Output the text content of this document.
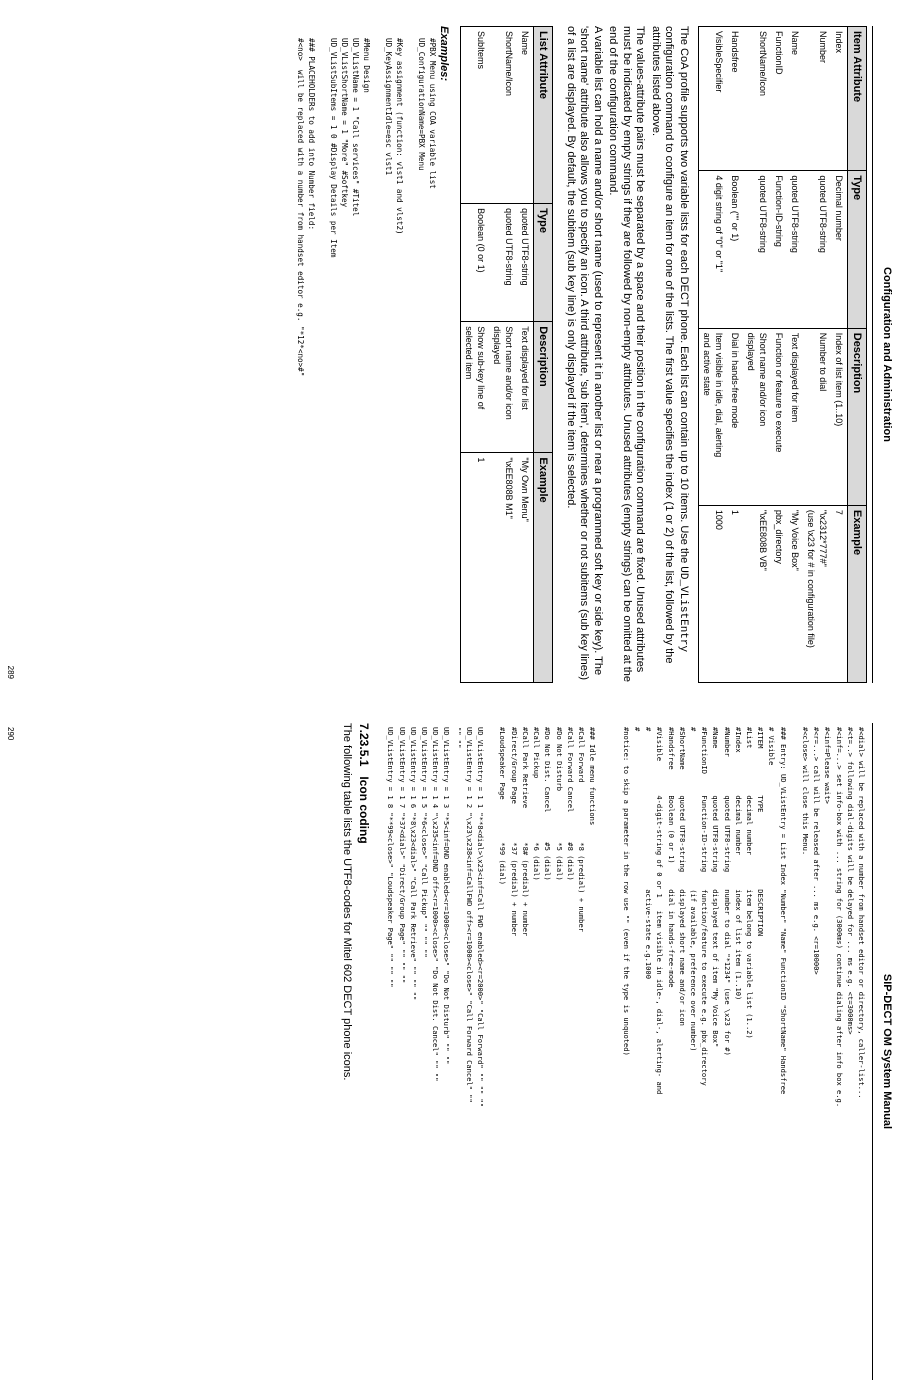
Configuration and Administration
Item Attribute	Type	Description	Example
Index	Decimal number	Index of list item (1..10)	7
Number	quoted UTF8-string	Number to dial	"\x2312*777#"
(use \x23 for # in configuration file)
Name	quoted UTF8-string	Text displayed for item	"My Voice Box"
FunctionID	Function-ID-string	Function or feature to execute	pbx_directory
ShortName/Icon	quoted UTF8-string	Short name and/or icon
displayed	"\xEE808B VB"
Handsfree	Boolean ("" or 1)	Dial in hands-free mode	1
VisibleSpecifier	4 digit string of "0" or "1"	Item visible in idle, dial, alerting
and active state	1000

The CoA profile supports two variable lists for each DECT phone. Each list can contain up to 10 items. Use the UD_VListEntry configuration command to configure an item for one of the lists. The first value specifies the index (1 or 2) of the list, followed by the attributes listed above.

The values-attribute pairs must be separated by a space and their position in the configuration command are fixed. Unused attributes must be indicated by empty strings if they are followed by non-empty attributes. Unused attributes (empty strings) can be omitted at the end of the configuration command.

A variable list can hold a name and/or short name (used to represent it in another list or near a programmed soft key or side key). The 'short name' attribute also allows you to specify an icon. A third attribute, 'sub item', determines whether or not subitems (sub key lines) of a list are displayed. By default, the subitem (sub key line) is only displayed if the item is selected.

List Attribute	Type	Description	Example
Name	quoted UTF8-string	Text displayed for list	"My Own Menu"
ShortName/Icon	quoted UTF8-string	Short name and/or icon
displayed	"\xEE808B M1"
SubItems	Boolean (0 or 1)	Show sub-key line of
selected item	1
Examples:
#PBX Menu using COA variable list
UD_ConfigurationName=PBX Menu

#Key assignment (function: vlst1 and vlst2)
UD_KeyAssignmentIdle=esc vlst1

#Menu Design
UD_VListName = 1 "Call services" #Titel
UD_VListShortName = 1 "More" #Softkey
UD_VListSubItems = 1 0 #Display Details per Item

### PLACEHOLDERs to add into Number field:
#<no>  will be replaced with a number from handset editor e.g. "*12*<no>#"
289
SIP-DECT OM System Manual
#<dial> will be replaced with a number from handset editor or directory, caller-list...
#<t=..> following dial-digits will be delayed for ... ms e.g. <t=3000ms>
#<inf=...> set info-box with ... string for (3000ms) continue dialing after info box e.g.
#<inf=Please wait>
#<r=...> call will be released after ... ms e.g. <r=10000>
#<close> will close this Menu.

### Entry: UD_VListEntry = List Index "Number" "Name" FunctionID "ShortName" Handsfree
# Visible
#ITEM           TYPE                  DESCRIPTION
#List           decimal number        item belong to variable list (1..2)
#Index          decimal number        index of list item (1..10)
#Number         quoted UTF8-string    number to dial "*1234" (use \x23 for #)
#Name           quoted UTF8-string    displayed text of item "My Voice Box"
#FunctionID     Function-ID-string    function/feature to execute e.g. pbx_directory
#                                     (if available, preference over number)
#ShortName      quoted UTF8-string    displayed short name and/or icon
#Handsfree      Boolean (0 or 1)      dial in hands-free-mode
#Visible        4-digit-string of 0 or 1   item visible in idle-, dial-, alerting- and
#                                     active-state e.g.1000
#
#notice: to skip a parameter in the row use "" (even if the type is unquoted)

### Idle menu functions
#Call Forward              *8 (predial) + number
#Call Forward Cancel       #8 (dial)
#Do Not Disturb            *5 (dial)
#Do Not Dist. Cancel       #5 (dial)
#Call Pickup               *6 (dial)
#Call Park Retrieve        *8# (predial) + number
#Direct/Group Page         *37 (predial) + number
#Loudspeaker Page          *99 (dial)

UD_VListEntry = 1 1 "**8<dial>\x23<inf=Call FWD enabled><r=2000>" "Call Forward" "" "" ""
UD_VListEntry = 1 2 "\x23\x238<inf=CallFWD off><r=1000><close>" "Call Forward Cancel" ""
"" ""
UD_VListEntry = 1 3 "*5<inf=DND enabled><r=1000><close>" "Do Not Disturb" "" ""
UD_VListEntry = 1 4 "\x235<inf=DND off><r=1000><close>" "Do Not Dist. Cancel" "" ""
UD_VListEntry = 1 5 "*6<close>" "Call Pickup" "" "" ""
UD_VListEntry = 1 6 "*8\x23<dial>" "Call Park Retrieve" "" "" ""
UD_VListEntry = 1 7 "*37<dial>" "Direct/Group Page" "" "" ""
UD_VListEntry = 1 8 "**99<close>" "Loudspeaker Page" "" "" ""
7.23.5.1 Icon coding
The following table lists the UTF8-codes for Mitel 602 DECT phone icons.
290
